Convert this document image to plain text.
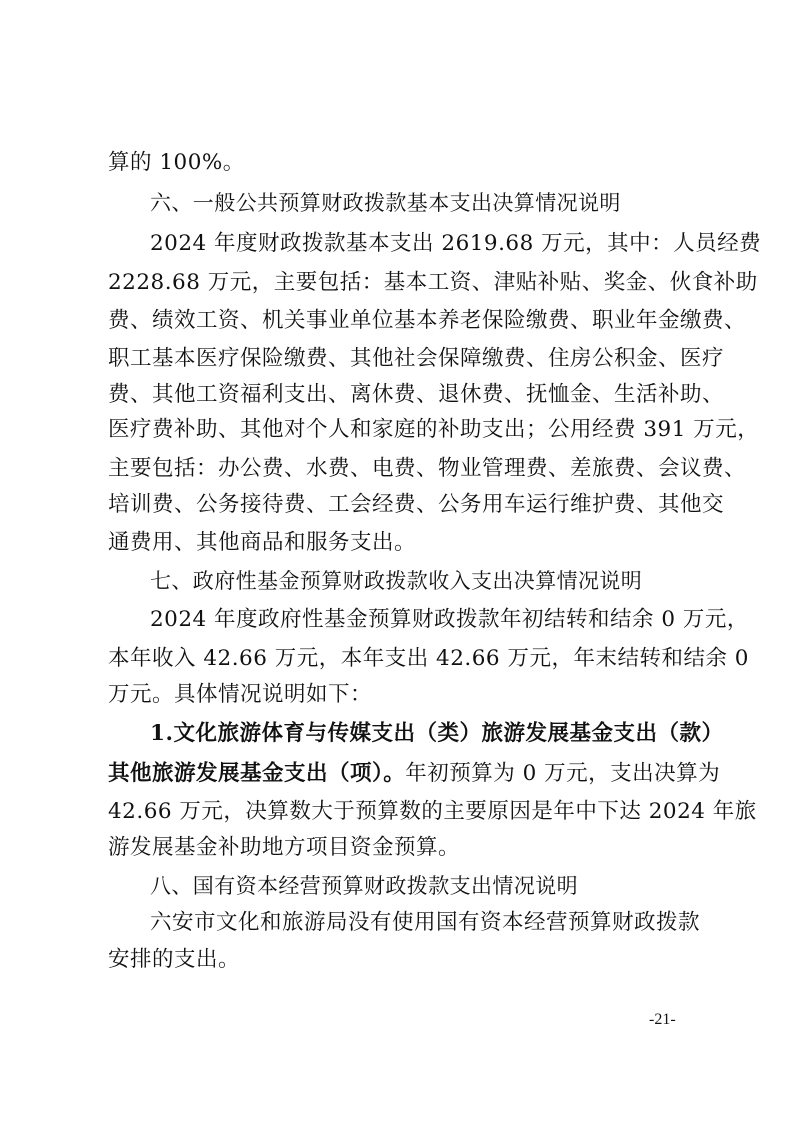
算的 100%。
六、一般公共预算财政拨款基本支出决算情况说明
2024 年度财政拨款基本支出 2619.68 万元，其中：人员经费
2228.68 万元，主要包括：基本工资、津贴补贴、奖金、伙食补助
费、绩效工资、机关事业单位基本养老保险缴费、职业年金缴费、
职工基本医疗保险缴费、其他社会保障缴费、住房公积金、医疗
费、其他工资福利支出、离休费、退休费、抚恤金、生活补助、
医疗费补助、其他对个人和家庭的补助支出；公用经费 391 万元，
主要包括：办公费、水费、电费、物业管理费、差旅费、会议费、
培训费、公务接待费、工会经费、公务用车运行维护费、其他交
通费用、其他商品和服务支出。
七、政府性基金预算财政拨款收入支出决算情况说明
2024 年度政府性基金预算财政拨款年初结转和结余 0 万元，
本年收入 42.66 万元，本年支出 42.66 万元，年末结转和结余 0
万元。具体情况说明如下：
1.文化旅游体育与传媒支出（类）旅游发展基金支出（款）
其他旅游发展基金支出（项）。年初预算为 0 万元，支出决算为
42.66 万元，决算数大于预算数的主要原因是年中下达 2024 年旅
游发展基金补助地方项目资金预算。
八、国有资本经营预算财政拨款支出情况说明
六安市文化和旅游局没有使用国有资本经营预算财政拨款
安排的支出。
-21-
